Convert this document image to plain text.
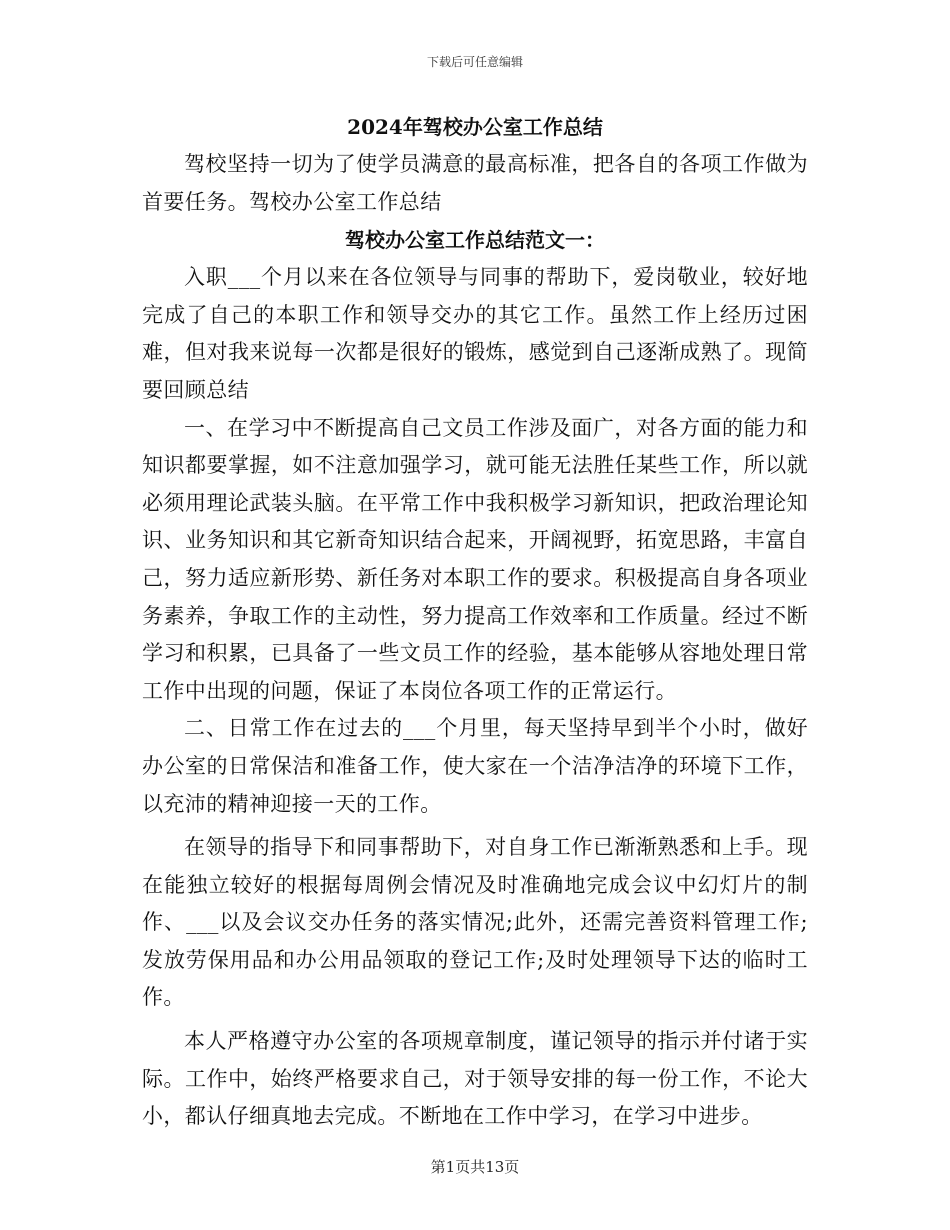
下载后可任意编辑
2024年驾校办公室工作总结

驾校坚持一切为了使学员满意的最高标准，把各自的各项工作做为首要任务。驾校办公室工作总结

驾校办公室工作总结范文一：

入职___个月以来在各位领导与同事的帮助下，爱岗敬业，较好地完成了自己的本职工作和领导交办的其它工作。虽然工作上经历过困难，但对我来说每一次都是很好的锻炼，感觉到自己逐渐成熟了。现简要回顾总结

一、在学习中不断提高自己文员工作涉及面广，对各方面的能力和知识都要掌握，如不注意加强学习，就可能无法胜任某些工作，所以就必须用理论武装头脑。在平常工作中我积极学习新知识，把政治理论知识、业务知识和其它新奇知识结合起来，开阔视野，拓宽思路，丰富自己，努力适应新形势、新任务对本职工作的要求。积极提高自身各项业务素养，争取工作的主动性，努力提高工作效率和工作质量。经过不断学习和积累，已具备了一些文员工作的经验，基本能够从容地处理日常工作中出现的问题，保证了本岗位各项工作的正常运行。

二、日常工作在过去的___个月里，每天坚持早到半个小时，做好办公室的日常保洁和准备工作，使大家在一个洁净洁净的环境下工作，以充沛的精神迎接一天的工作。

在领导的指导下和同事帮助下，对自身工作已渐渐熟悉和上手。现在能独立较好的根据每周例会情况及时准确地完成会议中幻灯片的制作、___以及会议交办任务的落实情况;此外，还需完善资料管理工作;发放劳保用品和办公用品领取的登记工作;及时处理领导下达的临时工作。

本人严格遵守办公室的各项规章制度，谨记领导的指示并付诸于实际。工作中，始终严格要求自己，对于领导安排的每一份工作，不论大小，都认仔细真地去完成。不断地在工作中学习，在学习中进步。

第1页共13页
